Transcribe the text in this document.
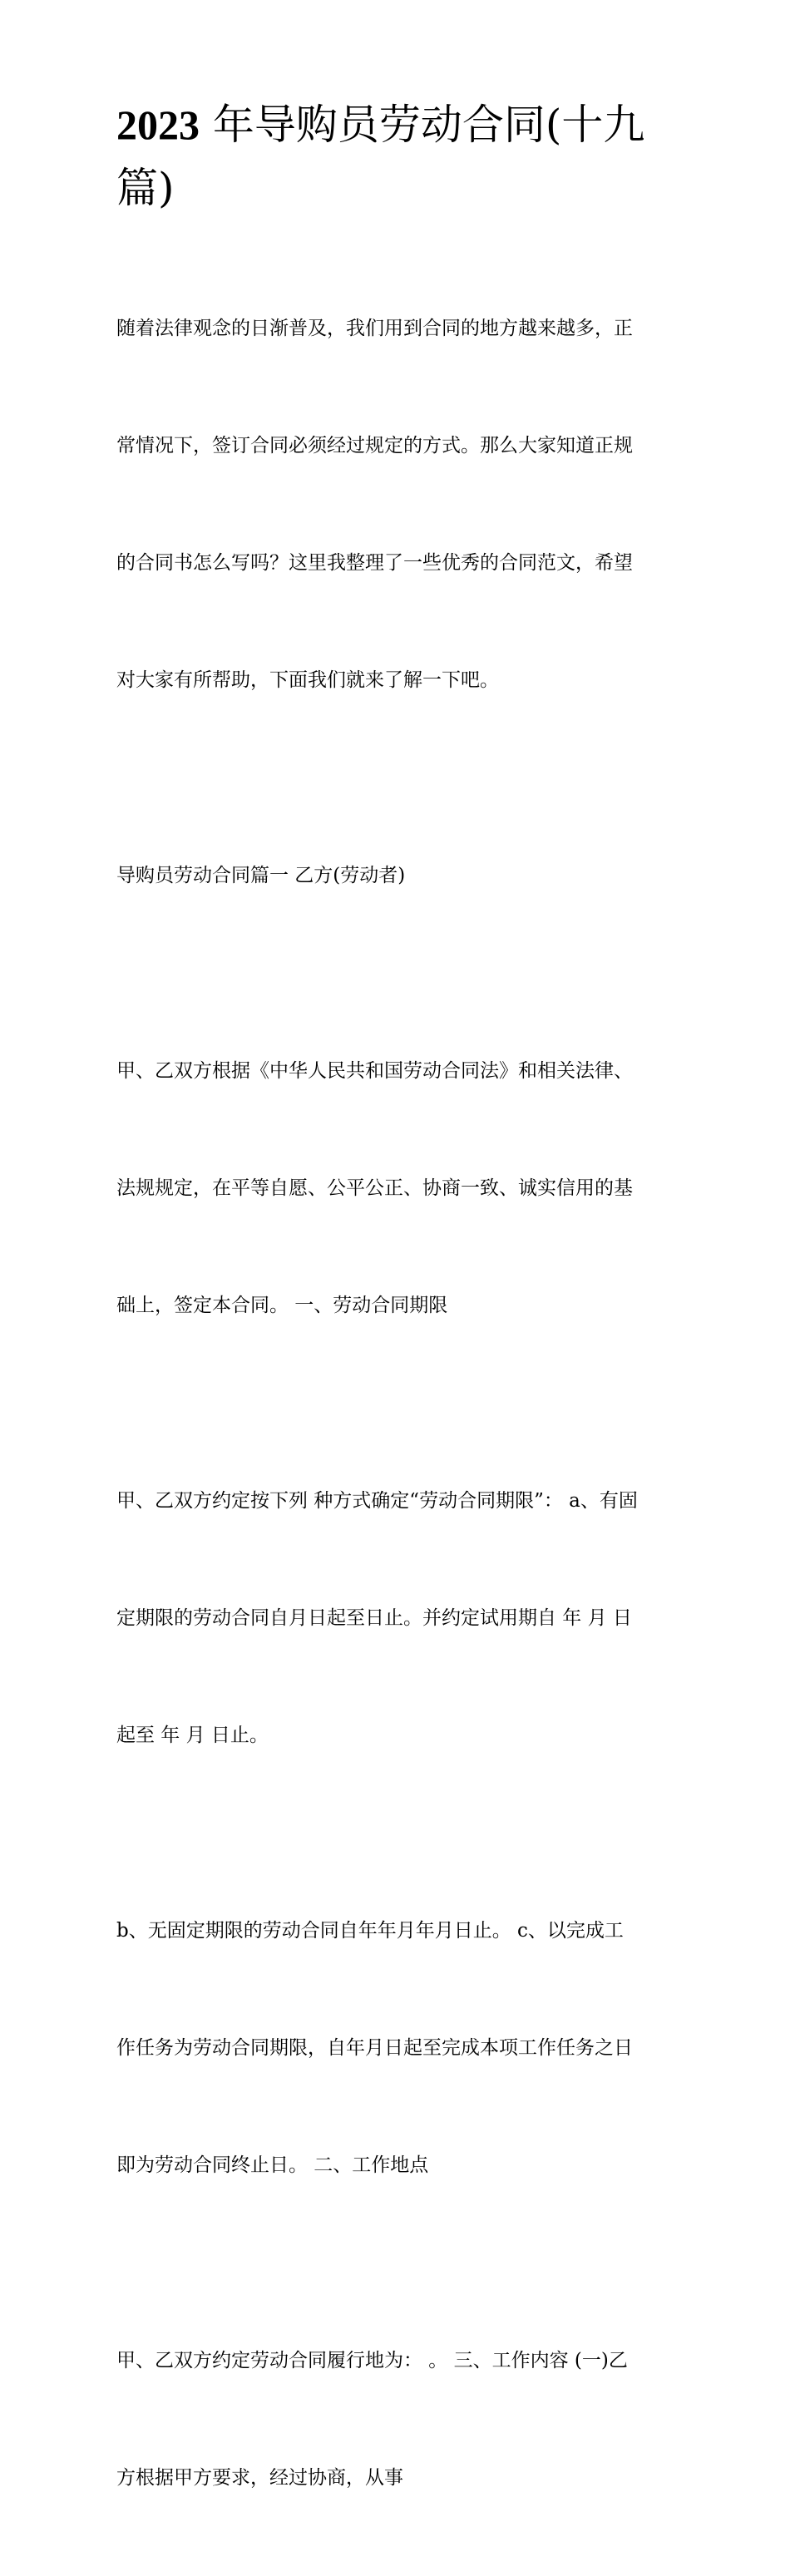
2023 年导购员劳动合同(十九
篇)

随着法律观念的日渐普及，我们用到合同的地方越来越多，正

常情况下，签订合同必须经过规定的方式。那么大家知道正规

的合同书怎么写吗？这里我整理了一些优秀的合同范文，希望

对大家有所帮助，下面我们就来了解一下吧。

导购员劳动合同篇一 乙方(劳动者)

甲、乙双方根据《中华人民共和国劳动合同法》和相关法律、

法规规定，在平等自愿、公平公正、协商一致、诚实信用的基

础上，签定本合同。 一、劳动合同期限

甲、乙双方约定按下列 种方式确定“劳动合同期限”： a、有固

定期限的劳动合同自月日起至日止。并约定试用期自 年 月 日

起至 年 月 日止。

b、无固定期限的劳动合同自年年月年月日止。 c、以完成工

作任务为劳动合同期限，自年月日起至完成本项工作任务之日

即为劳动合同终止日。 二、工作地点

甲、乙双方约定劳动合同履行地为： 。 三、工作内容 (一)乙

方根据甲方要求，经过协商，从事
